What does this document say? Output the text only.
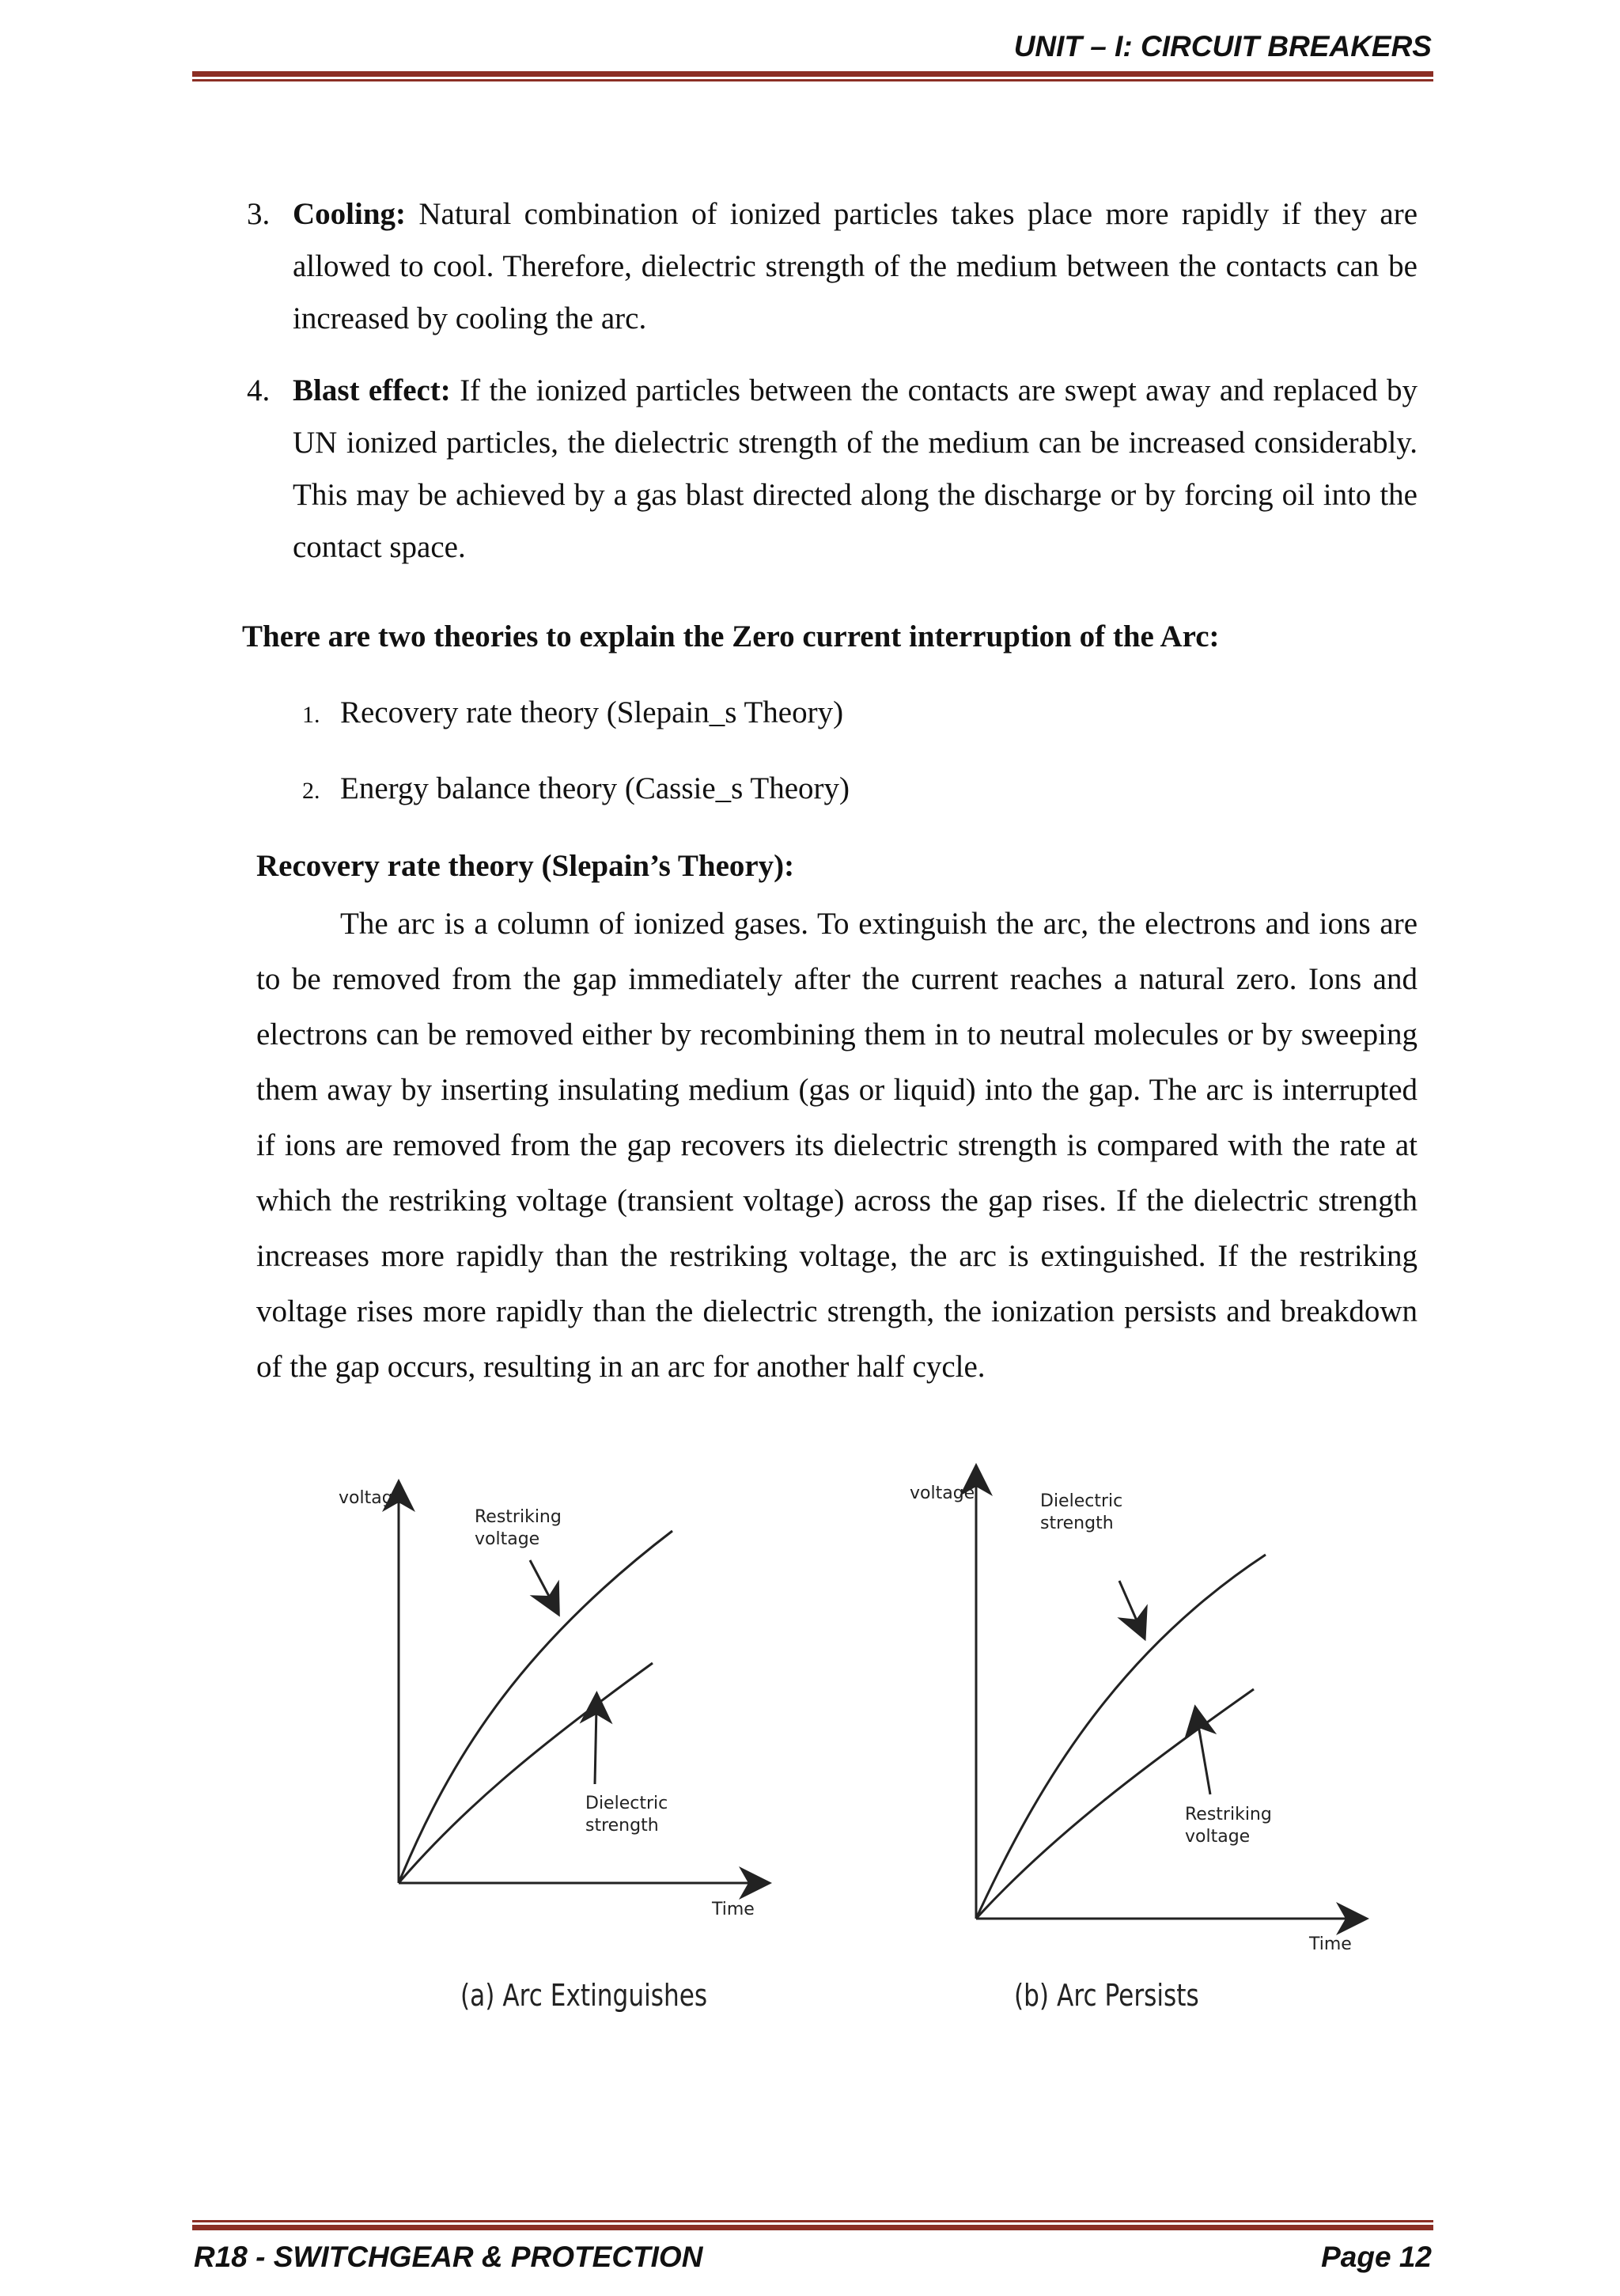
UNIT – I: CIRCUIT BREAKERS
3. Cooling: Natural combination of ionized particles takes place more rapidly if they are allowed to cool. Therefore, dielectric strength of the medium between the contacts can be increased by cooling the arc.
4. Blast effect: If the ionized particles between the contacts are swept away and replaced by UN ionized particles, the dielectric strength of the medium can be increased considerably. This may be achieved by a gas blast directed along the discharge or by forcing oil into the contact space.
There are two theories to explain the Zero current interruption of the Arc:
1. Recovery rate theory (Slepain_s Theory)
2. Energy balance theory (Cassie_s Theory)
Recovery rate theory (Slepain’s Theory):
The arc is a column of ionized gases. To extinguish the arc, the electrons and ions are to be removed from the gap immediately after the current reaches a natural zero. Ions and electrons can be removed either by recombining them in to neutral molecules or by sweeping them away by inserting insulating medium (gas or liquid) into the gap. The arc is interrupted if ions are removed from the gap recovers its dielectric strength is compared with the rate at which the restriking voltage (transient voltage) across the gap rises. If the dielectric strength increases more rapidly than the restriking voltage, the arc is extinguished. If the restriking voltage rises more rapidly than the dielectric strength, the ionization persists and breakdown of the gap occurs, resulting in an arc for another half cycle.
voltage
Time
Restriking
voltage
Dielectric
strength
(a) Arc Extinguishes
voltage
Time
Dielectric
strength
Restriking
voltage
(b) Arc Persists
R18 - SWITCHGEAR & PROTECTION	Page 12
